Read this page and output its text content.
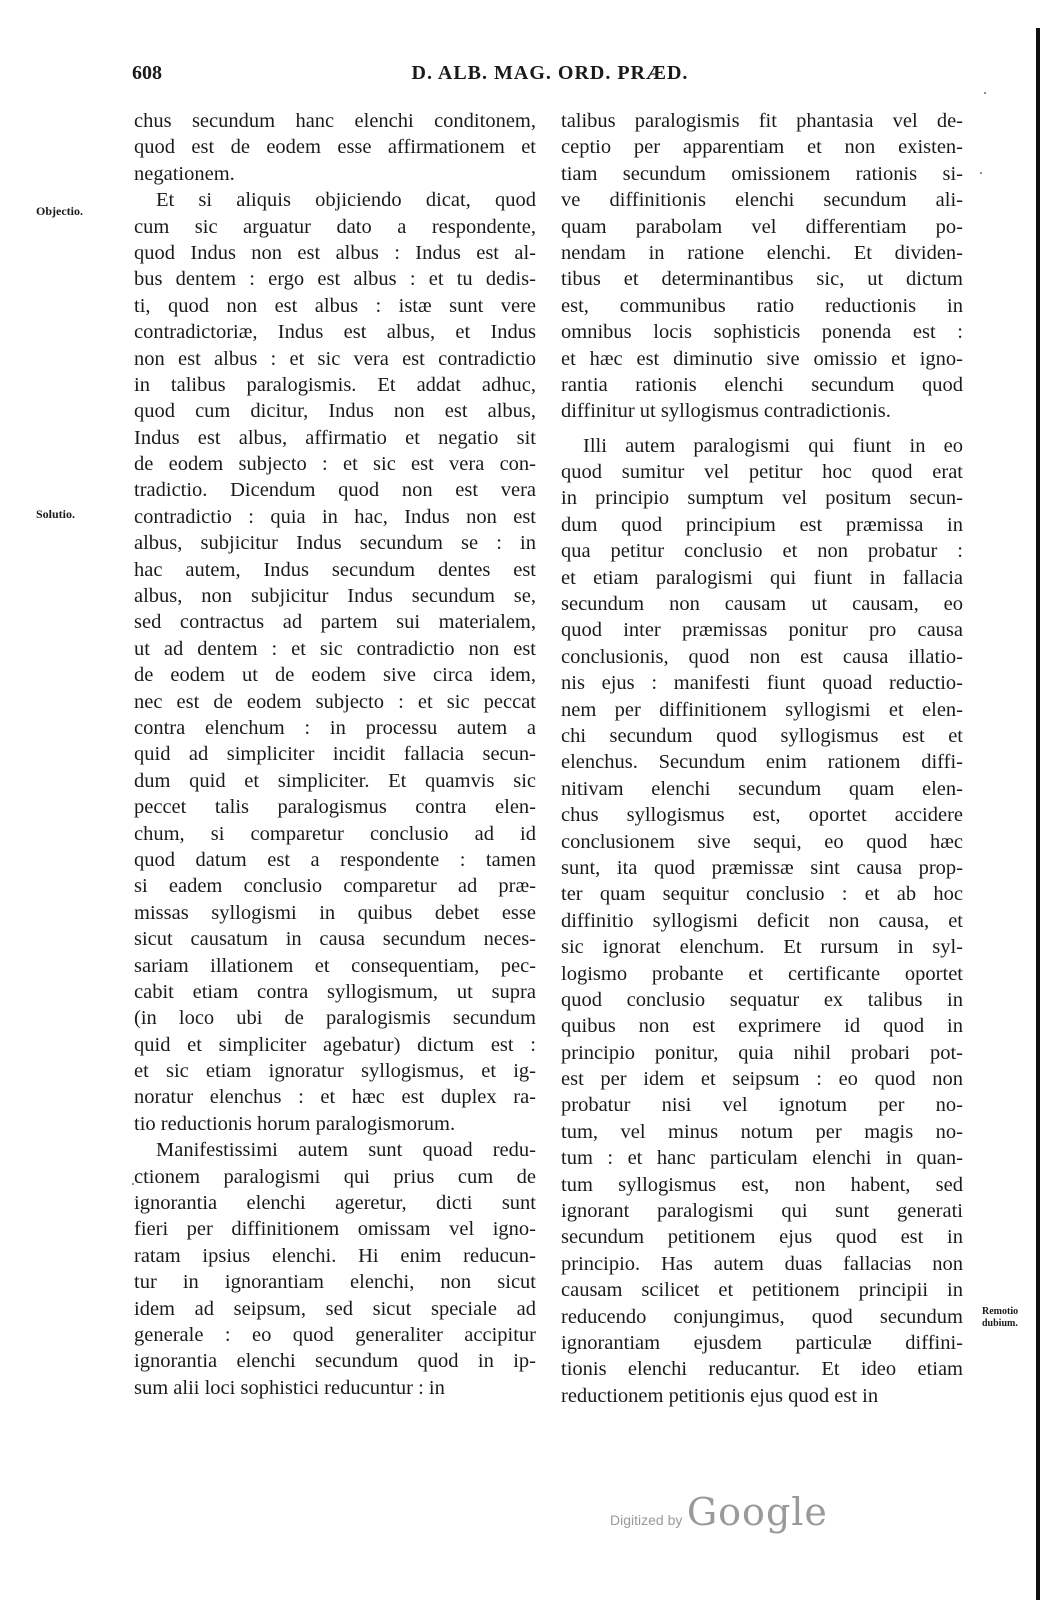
608	D. ALB. MAG. ORD. PRÆD.
Objectio.
Solutio.
Remotio
dubium.
chus secundum hanc elenchi conditonem,
quod est de eodem esse affirmationem et
negationem.
Et si aliquis objiciendo dicat, quod
cum sic arguatur dato a respondente,
quod Indus non est albus : Indus est al-
bus dentem : ergo est albus : et tu dedis-
ti, quod non est albus : istæ sunt vere
contradictoriæ, Indus est albus, et Indus
non est albus : et sic vera est contradictio
in talibus paralogismis. Et addat adhuc,
quod cum dicitur, Indus non est albus,
Indus est albus, affirmatio et negatio sit
de eodem subjecto : et sic est vera con-
tradictio. Dicendum quod non est vera
contradictio : quia in hac, Indus non est
albus, subjicitur Indus secundum se : in
hac autem, Indus secundum dentes est
albus, non subjicitur Indus secundum se,
sed contractus ad partem sui materialem,
ut ad dentem : et sic contradictio non est
de eodem ut de eodem sive circa idem,
nec est de eodem subjecto : et sic peccat
contra elenchum : in processu autem a
quid ad simpliciter incidit fallacia secun-
dum quid et simpliciter. Et quamvis sic
peccet talis paralogismus contra elen-
chum, si comparetur conclusio ad id
quod datum est a respondente : tamen
si eadem conclusio comparetur ad præ-
missas syllogismi in quibus debet esse
sicut causatum in causa secundum neces-
sariam illationem et consequentiam, pec-
cabit etiam contra syllogismum, ut supra
(in loco ubi de paralogismis secundum
quid et simpliciter agebatur) dictum est :
et sic etiam ignoratur syllogismus, et ig-
noratur elenchus : et hæc est duplex ra-
tio reductionis horum paralogismorum.
Manifestissimi autem sunt quoad redu-
ctionem paralogismi qui prius cum de
ignorantia elenchi ageretur, dicti sunt
fieri per diffinitionem omissam vel igno-
ratam ipsius elenchi. Hi enim reducun-
tur in ignorantiam elenchi, non sicut
idem ad seipsum, sed sicut speciale ad
generale : eo quod generaliter accipitur
ignorantia elenchi secundum quod in ip-
sum alii loci sophistici reducuntur : in
talibus paralogismis fit phantasia vel de-
ceptio per apparentiam et non existen-
tiam secundum omissionem rationis si-
ve diffinitionis elenchi secundum ali-
quam parabolam vel differentiam po-
nendam in ratione elenchi. Et dividen-
tibus et determinantibus sic, ut dictum
est, communibus ratio reductionis in
omnibus locis sophisticis ponenda est :
et hæc est diminutio sive omissio et igno-
rantia rationis elenchi secundum quod
diffinitur ut syllogismus contradictionis.
Illi autem paralogismi qui fiunt in eo
quod sumitur vel petitur hoc quod erat
in principio sumptum vel positum secun-
dum quod principium est præmissa in
qua petitur conclusio et non probatur :
et etiam paralogismi qui fiunt in fallacia
secundum non causam ut causam, eo
quod inter præmissas ponitur pro causa
conclusionis, quod non est causa illatio-
nis ejus : manifesti fiunt quoad reductio-
nem per diffinitionem syllogismi et elen-
chi secundum quod syllogismus est et
elenchus. Secundum enim rationem diffi-
nitivam elenchi secundum quam elen-
chus syllogismus est, oportet accidere
conclusionem sive sequi, eo quod hæc
sunt, ita quod præmissæ sint causa prop-
ter quam sequitur conclusio : et ab hoc
diffinitio syllogismi deficit non causa, et
sic ignorat elenchum. Et rursum in syl-
logismo probante et certificante oportet
quod conclusio sequatur ex talibus in
quibus non est exprimere id quod in
principio ponitur, quia nihil probari pot-
est per idem et seipsum : eo quod non
probatur nisi vel ignotum per no-
tum, vel minus notum per magis no-
tum : et hanc particulam elenchi in quan-
tum syllogismus est, non habent, sed
ignorant paralogismi qui sunt generati
secundum petitionem ejus quod est in
principio. Has autem duas fallacias non
causam scilicet et petitionem principii in
reducendo conjungimus, quod secundum
ignorantiam ejusdem particulæ diffini-
tionis elenchi reducantur. Et ideo etiam
reductionem petitionis ejus quod est in
Digitized by Google
